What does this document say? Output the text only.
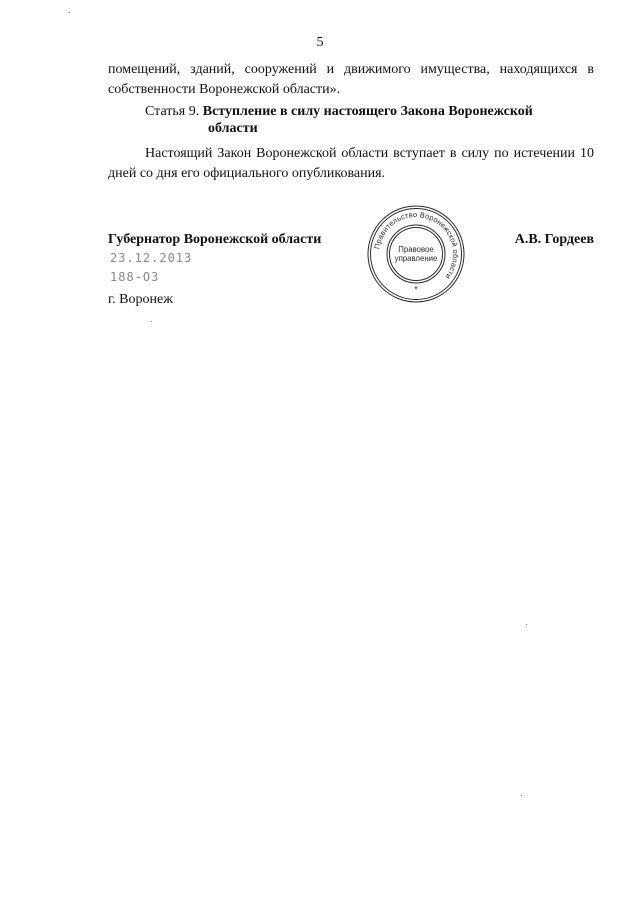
5
помещений, зданий, сооружений и движимого имущества, находящихся в собственности Воронежской области».
Статья 9. Вступление в силу настоящего Закона Воронежской
области
Настоящий Закон Воронежской области вступает в силу по истечении 10 дней со дня его официального опубликования.
Губернатор Воронежской области	А.В. Гордеев
23.12.2013
188-ОЗ
г. Воронеж
Правительство Воронежской области
Правовое
управление
☀
